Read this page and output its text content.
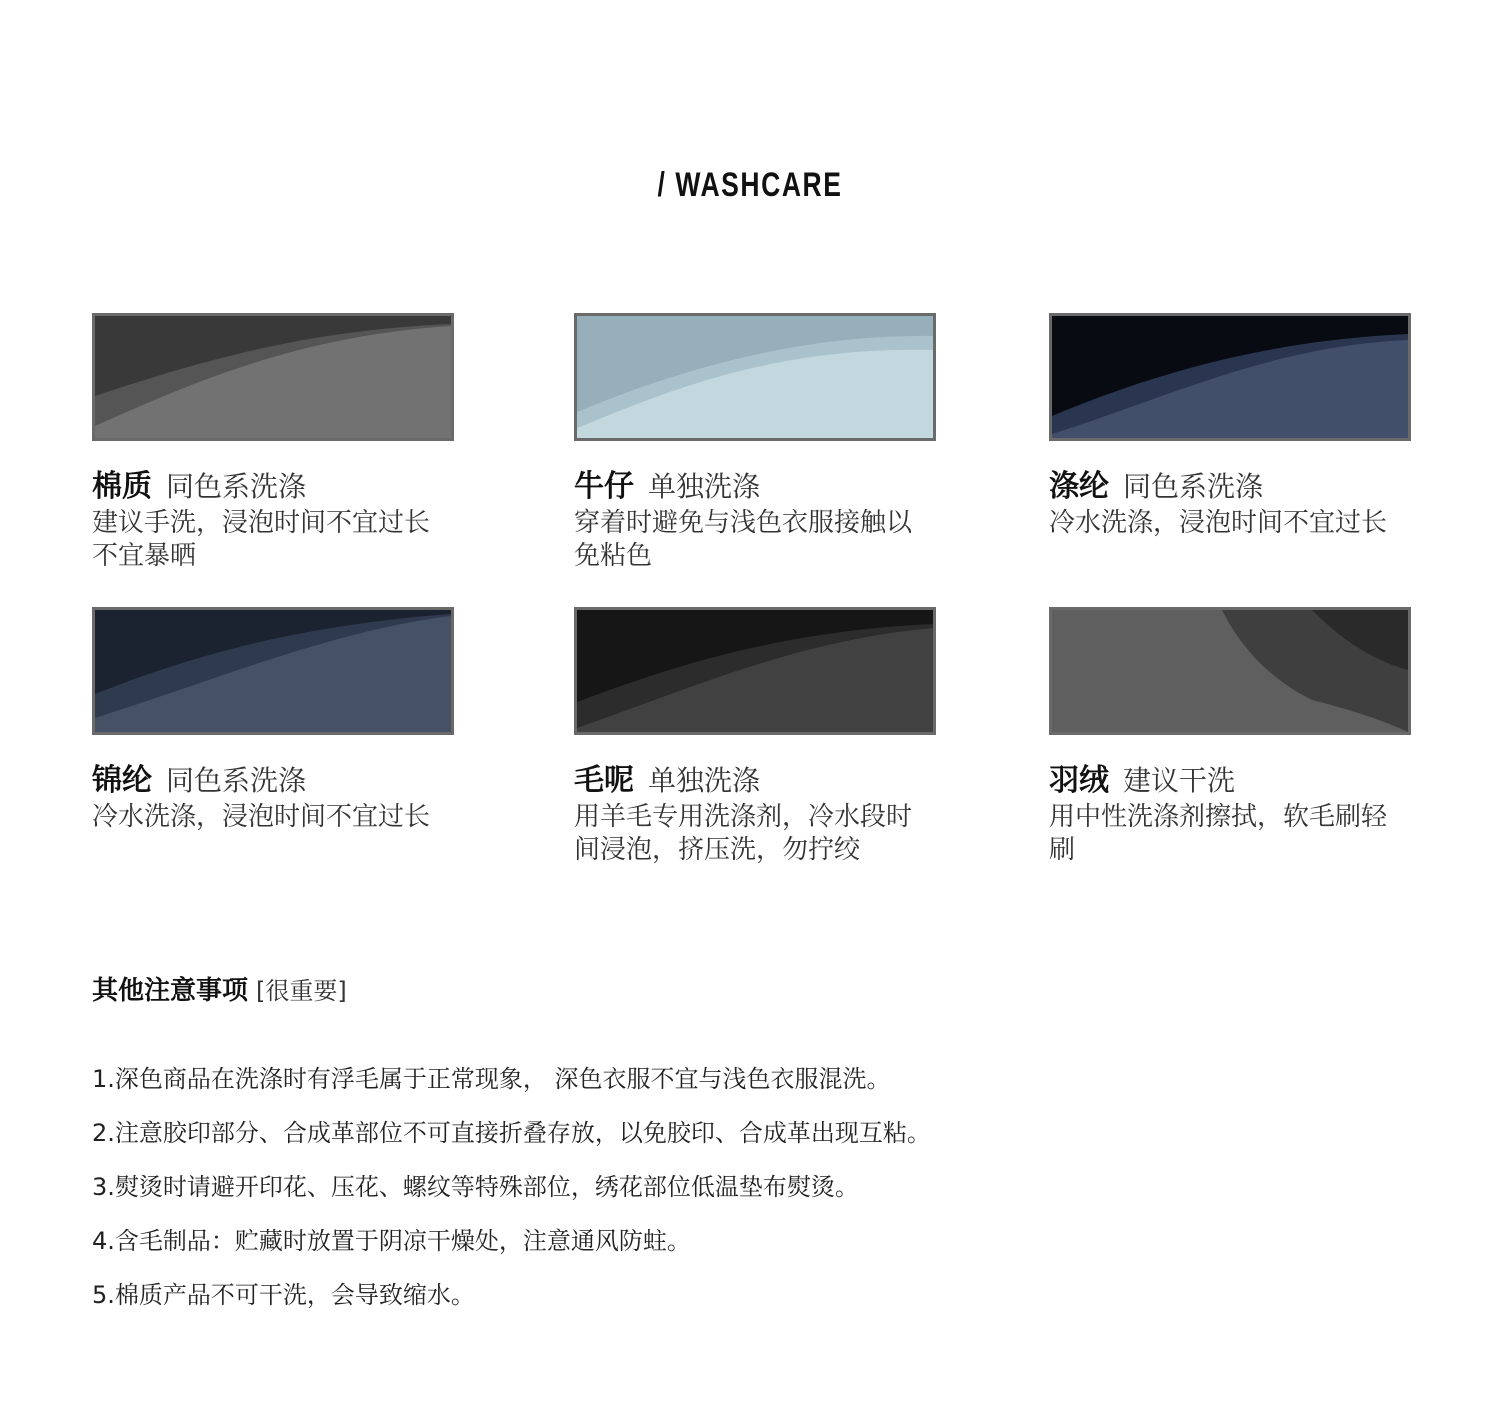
/ WASHCARE
棉质 同色系洗涤
建议手洗，浸泡时间不宜过长不宜暴晒
牛仔 单独洗涤
穿着时避免与浅色衣服接触以免粘色
涤纶 同色系洗涤
冷水洗涤，浸泡时间不宜过长
锦纶 同色系洗涤
冷水洗涤，浸泡时间不宜过长
毛呢 单独洗涤
用羊毛专用洗涤剂，冷水段时间浸泡，挤压洗，勿拧绞
羽绒 建议干洗
用中性洗涤剂擦拭，软毛刷轻刷
其他注意事项 [很重要]
1.深色商品在洗涤时有浮毛属于正常现象， 深色衣服不宜与浅色衣服混洗。
2.注意胶印部分、合成革部位不可直接折叠存放，以免胶印、合成革出现互粘。
3.熨烫时请避开印花、压花、螺纹等特殊部位，绣花部位低温垫布熨烫。
4.含毛制品：贮藏时放置于阴凉干燥处，注意通风防蛀。
5.棉质产品不可干洗，会导致缩水。
